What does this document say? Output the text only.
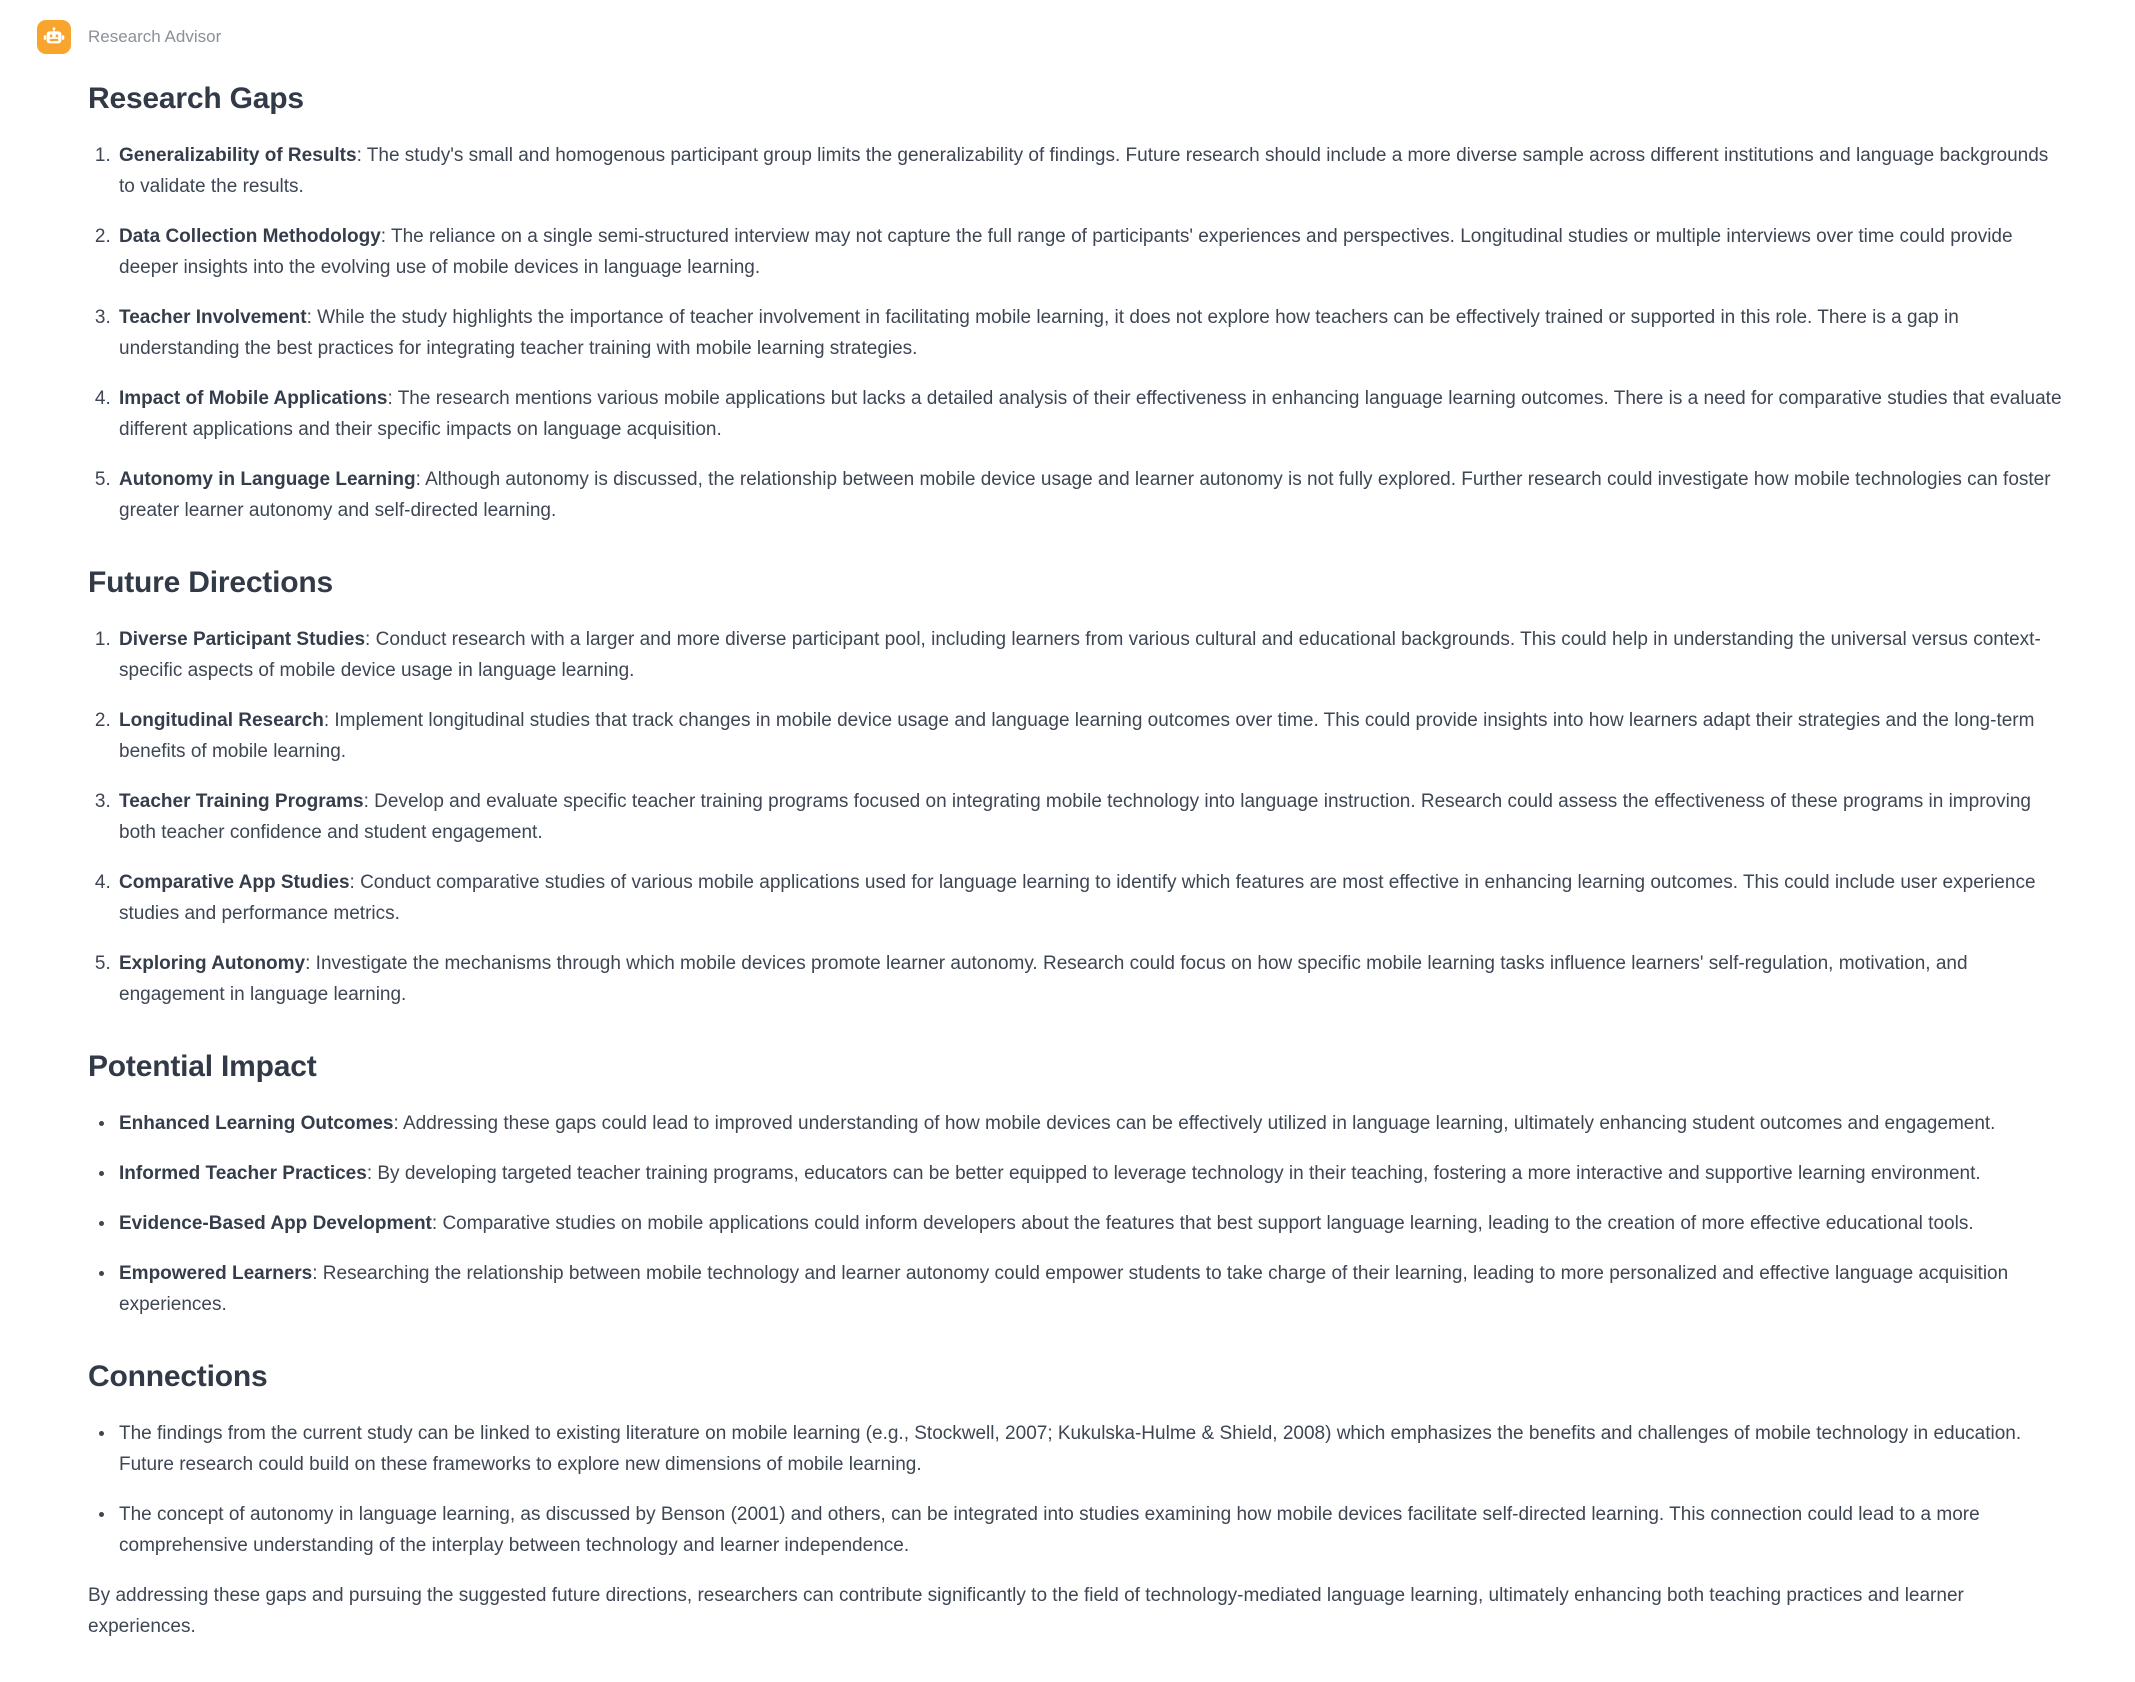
Research Advisor
Research Gaps
1. Generalizability of Results: The study's small and homogenous participant group limits the generalizability of findings. Future research should include a more diverse sample across different institutions and language backgrounds to validate the results.
2. Data Collection Methodology: The reliance on a single semi-structured interview may not capture the full range of participants' experiences and perspectives. Longitudinal studies or multiple interviews over time could provide deeper insights into the evolving use of mobile devices in language learning.
3. Teacher Involvement: While the study highlights the importance of teacher involvement in facilitating mobile learning, it does not explore how teachers can be effectively trained or supported in this role. There is a gap in understanding the best practices for integrating teacher training with mobile learning strategies.
4. Impact of Mobile Applications: The research mentions various mobile applications but lacks a detailed analysis of their effectiveness in enhancing language learning outcomes. There is a need for comparative studies that evaluate different applications and their specific impacts on language acquisition.
5. Autonomy in Language Learning: Although autonomy is discussed, the relationship between mobile device usage and learner autonomy is not fully explored. Further research could investigate how mobile technologies can foster greater learner autonomy and self-directed learning.
Future Directions
1. Diverse Participant Studies: Conduct research with a larger and more diverse participant pool, including learners from various cultural and educational backgrounds. This could help in understanding the universal versus context-specific aspects of mobile device usage in language learning.
2. Longitudinal Research: Implement longitudinal studies that track changes in mobile device usage and language learning outcomes over time. This could provide insights into how learners adapt their strategies and the long-term benefits of mobile learning.
3. Teacher Training Programs: Develop and evaluate specific teacher training programs focused on integrating mobile technology into language instruction. Research could assess the effectiveness of these programs in improving both teacher confidence and student engagement.
4. Comparative App Studies: Conduct comparative studies of various mobile applications used for language learning to identify which features are most effective in enhancing learning outcomes. This could include user experience studies and performance metrics.
5. Exploring Autonomy: Investigate the mechanisms through which mobile devices promote learner autonomy. Research could focus on how specific mobile learning tasks influence learners' self-regulation, motivation, and engagement in language learning.
Potential Impact
• Enhanced Learning Outcomes: Addressing these gaps could lead to improved understanding of how mobile devices can be effectively utilized in language learning, ultimately enhancing student outcomes and engagement.
• Informed Teacher Practices: By developing targeted teacher training programs, educators can be better equipped to leverage technology in their teaching, fostering a more interactive and supportive learning environment.
• Evidence-Based App Development: Comparative studies on mobile applications could inform developers about the features that best support language learning, leading to the creation of more effective educational tools.
• Empowered Learners: Researching the relationship between mobile technology and learner autonomy could empower students to take charge of their learning, leading to more personalized and effective language acquisition experiences.
Connections
• The findings from the current study can be linked to existing literature on mobile learning (e.g., Stockwell, 2007; Kukulska-Hulme & Shield, 2008) which emphasizes the benefits and challenges of mobile technology in education. Future research could build on these frameworks to explore new dimensions of mobile learning.
• The concept of autonomy in language learning, as discussed by Benson (2001) and others, can be integrated into studies examining how mobile devices facilitate self-directed learning. This connection could lead to a more comprehensive understanding of the interplay between technology and learner independence.

By addressing these gaps and pursuing the suggested future directions, researchers can contribute significantly to the field of technology-mediated language learning, ultimately enhancing both teaching practices and learner experiences.
